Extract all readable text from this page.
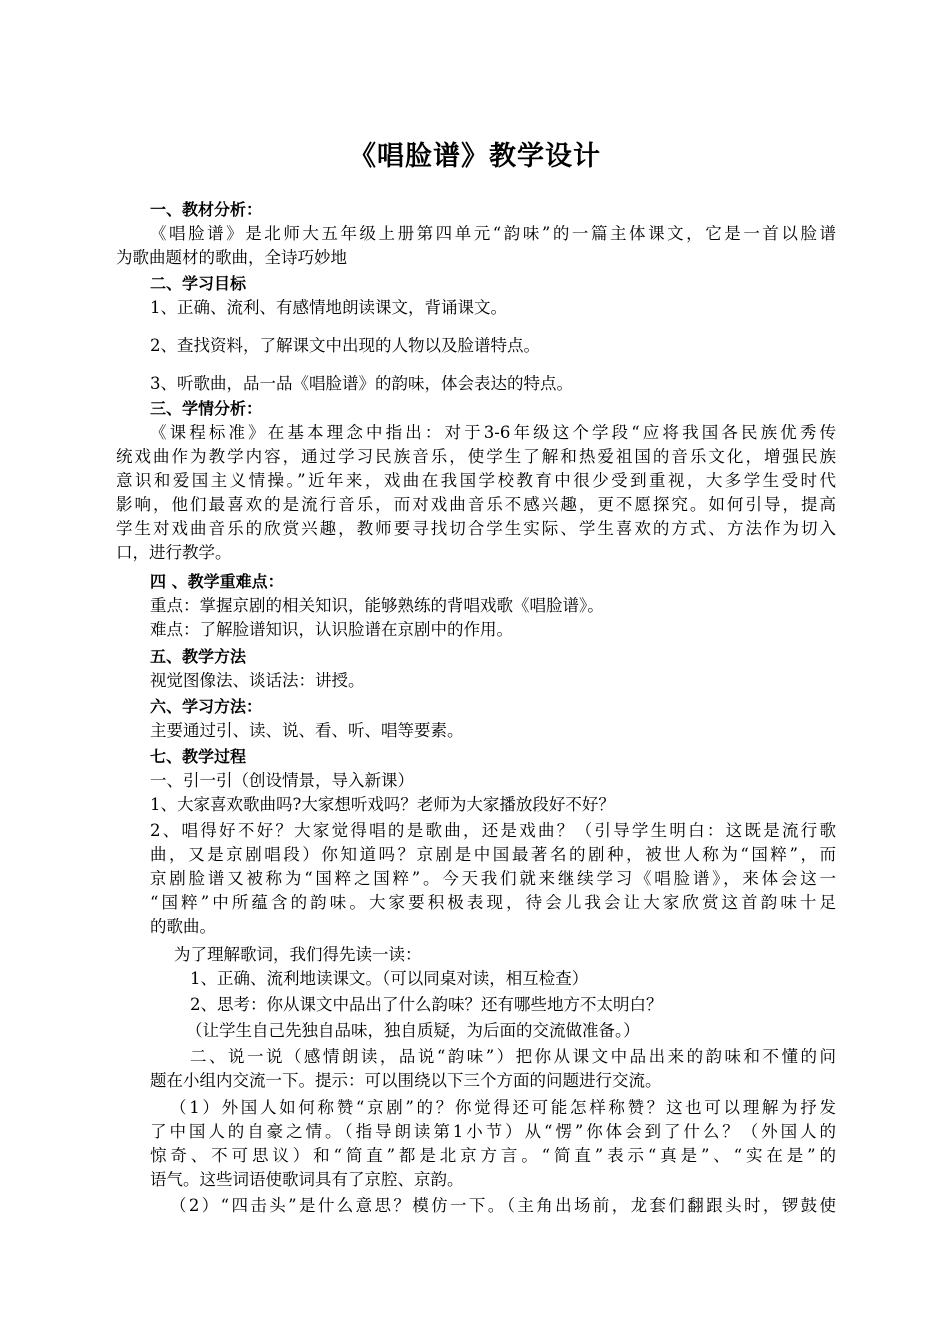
《唱脸谱》教学设计
一、教材分析：
《唱脸谱》是北师大五年级上册第四单元“韵味”的一篇主体课文，它是一首以脸谱
为歌曲题材的歌曲，全诗巧妙地
二、学习目标
1、正确、流利、有感情地朗读课文，背诵课文。
2、查找资料，了解课文中出现的人物以及脸谱特点。
3、听歌曲，品一品《唱脸谱》的韵味，体会表达的特点。
三、学情分析：
《课程标准》在基本理念中指出：对于3-6年级这个学段“应将我国各民族优秀传
统戏曲作为教学内容，通过学习民族音乐，使学生了解和热爱祖国的音乐文化，增强民族
意识和爱国主义情操。”近年来，戏曲在我国学校教育中很少受到重视，大多学生受时代
影响，他们最喜欢的是流行音乐，而对戏曲音乐不感兴趣，更不愿探究。如何引导，提高
学生对戏曲音乐的欣赏兴趣，教师要寻找切合学生实际、学生喜欢的方式、方法作为切入
口，进行教学。
四 、教学重难点：
重点：掌握京剧的相关知识，能够熟练的背唱戏歌《唱脸谱》。
难点：了解脸谱知识，认识脸谱在京剧中的作用。
五、教学方法
视觉图像法、谈话法：讲授。
六、学习方法：
主要通过引、读、说、看、听、唱等要素。
七、教学过程
一、引一引（创设情景，导入新课）
1、大家喜欢歌曲吗?大家想听戏吗？老师为大家播放段好不好？
2、唱得好不好？大家觉得唱的是歌曲，还是戏曲？（引导学生明白：这既是流行歌
曲，又是京剧唱段）你知道吗？京剧是中国最著名的剧种，被世人称为“国粹”，而
京剧脸谱又被称为“国粹之国粹”。今天我们就来继续学习《唱脸谱》，来体会这一
“国粹”中所蕴含的韵味。大家要积极表现，待会儿我会让大家欣赏这首韵味十足
的歌曲。
为了理解歌词，我们得先读一读：
1、正确、流利地读课文。（可以同桌对读，相互检查）
2、思考：你从课文中品出了什么韵味？还有哪些地方不太明白？
（让学生自己先独自品味，独自质疑，为后面的交流做准备。）
二、说一说（感情朗读，品说“韵味”）把你从课文中品出来的韵味和不懂的问
题在小组内交流一下。提示：可以围绕以下三个方面的问题进行交流。
（1）外国人如何称赞“京剧”的？你觉得还可能怎样称赞？这也可以理解为抒发
了中国人的自豪之情。（指导朗读第1小节）从“愣”你体会到了什么？（外国人的
惊奇、不可思议）和“简直”都是北京方言。“简直”表示“真是”、“实在是”的
语气。这些词语使歌词具有了京腔、京韵。
（2）“四击头”是什么意思？模仿一下。（主角出场前，龙套们翻跟头时，锣鼓使
